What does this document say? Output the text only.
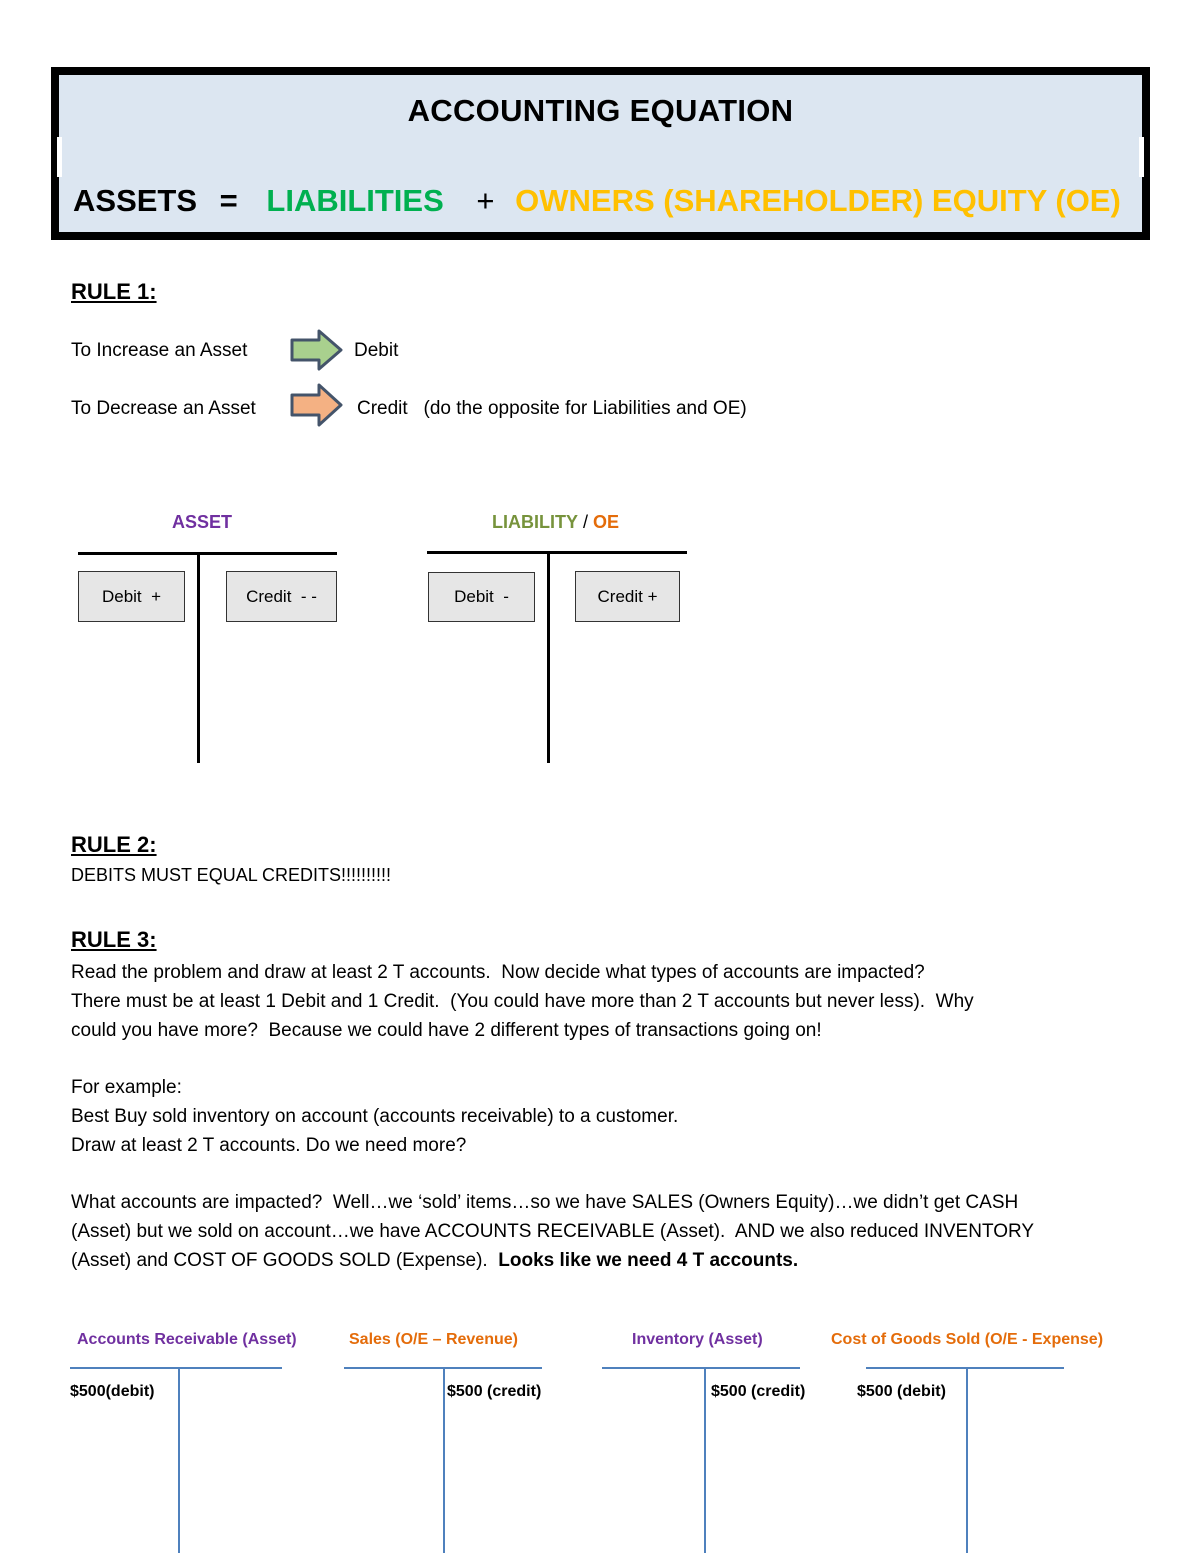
ACCOUNTING EQUATION
ASSETS = LIABILITIES + OWNERS (SHAREHOLDER) EQUITY (OE)
RULE 1:
To Increase an Asset	Debit
To Decrease an Asset	Credit   (do the opposite for Liabilities and OE)
ASSET
Debit  +	Credit  - -
LIABILITY / OE
Debit  -	Credit +
RULE 2:
DEBITS MUST EQUAL CREDITS!!!!!!!!!!
RULE 3:
Read the problem and draw at least 2 T accounts.  Now decide what types of accounts are impacted?
There must be at least 1 Debit and 1 Credit.  (You could have more than 2 T accounts but never less).  Why
could you have more?  Because we could have 2 different types of transactions going on!
For example:
Best Buy sold inventory on account (accounts receivable) to a customer.
Draw at least 2 T accounts. Do we need more?
What accounts are impacted?  Well…we ‘sold’ items…so we have SALES (Owners Equity)…we didn’t get CASH
(Asset) but we sold on account…we have ACCOUNTS RECEIVABLE (Asset).  AND we also reduced INVENTORY
(Asset) and COST OF GOODS SOLD (Expense).  Looks like we need 4 T accounts.
Accounts Receivable (Asset)
$500(debit)
Sales (O/E – Revenue)
$500 (credit)
Inventory (Asset)
$500 (credit)
Cost of Goods Sold (O/E - Expense)
$500 (debit)
